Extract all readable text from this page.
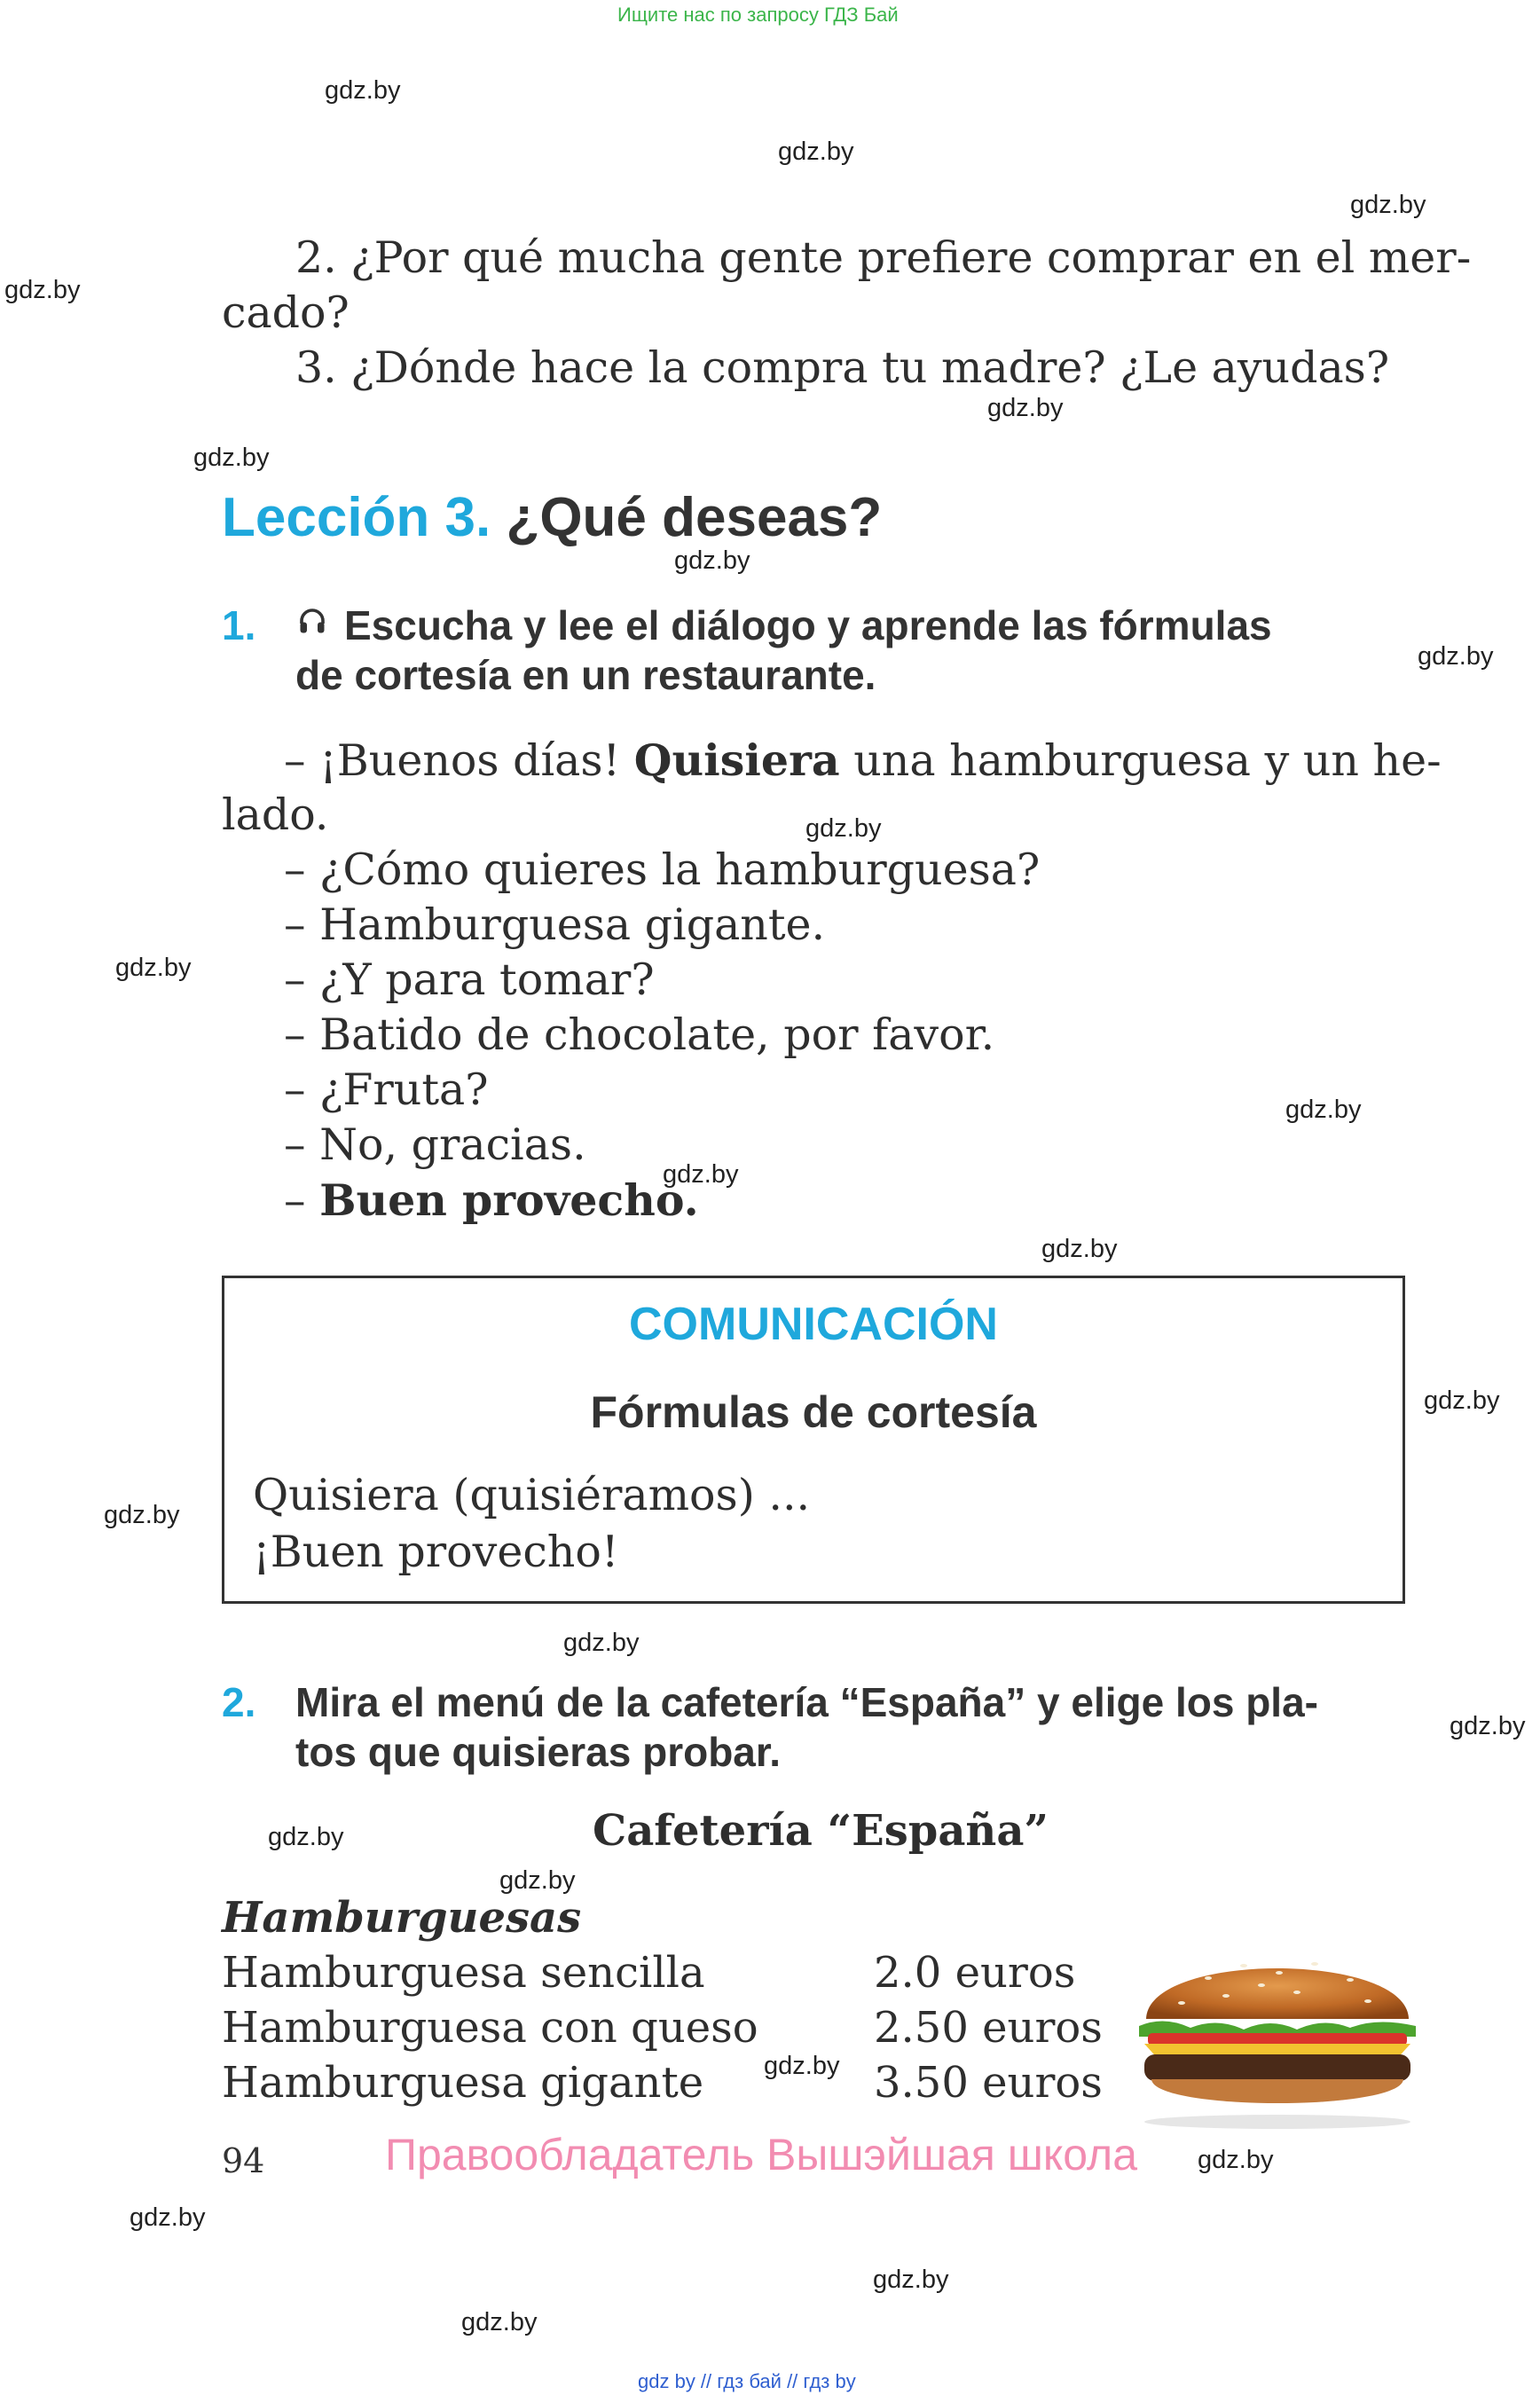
Ищите нас по запросу ГДЗ Бай
gdz.by
gdz.by
gdz.by
gdz.by
gdz.by
gdz.by
gdz.by
gdz.by
gdz.by
gdz.by
gdz.by
gdz.by
gdz.by
gdz.by
gdz.by
gdz.by
gdz.by
gdz.by
gdz.by
gdz.by
gdz.by
gdz.by
gdz.by
gdz.by
2. ¿Por qué mucha gente prefiere comprar en el mer-
cado?
3. ¿Dónde hace la compra tu madre? ¿Le ayudas?
Lección 3. ¿Qué deseas?
1. Escucha y lee el diálogo y aprende las fórmulas
de cortesía en un restaurante.
– ¡Buenos días! Quisiera una hamburguesa y un he-
lado.
– ¿Cómo quieres la hamburguesa?
– Hamburguesa gigante.
– ¿Y para tomar?
– Batido de chocolate, por favor.
– ¿Fruta?
– No, gracias.
– Buen provecho.
COMUNICACIÓN
Fórmulas de cortesía
Quisiera (quisiéramos) ...
¡Buen provecho!
2. Mira el menú de la cafetería “España” y elige los pla-
tos que quisieras probar.
Cafetería “España”
Hamburguesas
Hamburguesa sencilla	2.0 euros
Hamburguesa con queso	2.50 euros
Hamburguesa gigante	3.50 euros
94	Правообладатель Вышэйшая школа
gdz by // гдз бай // гдз by
